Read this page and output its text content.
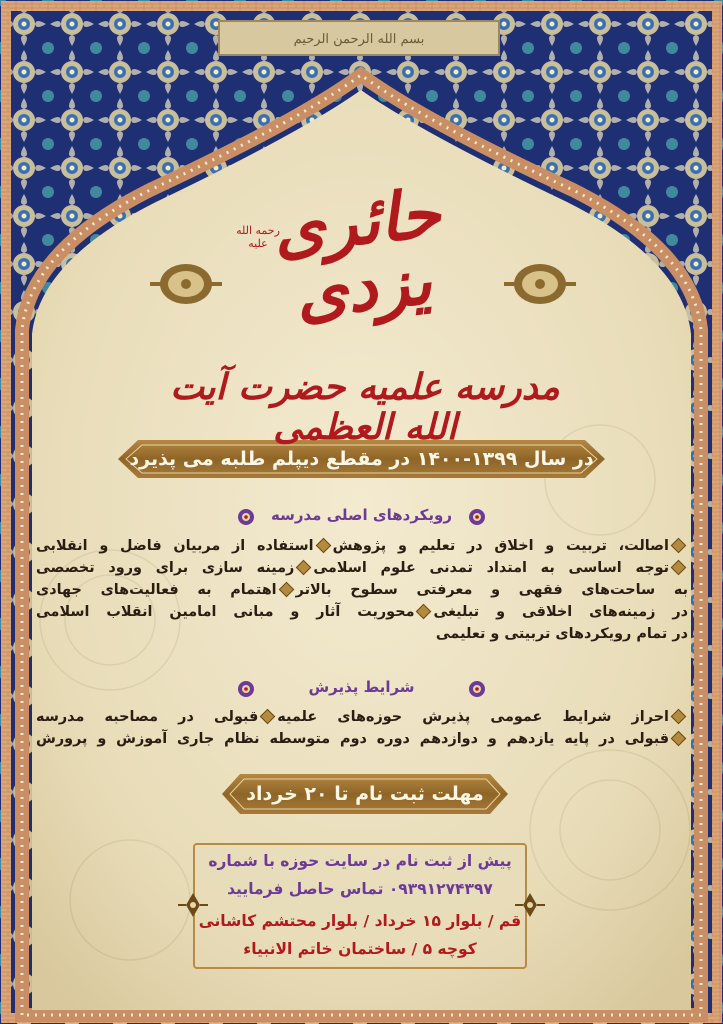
بسم الله الرحمن الرحیم
حائری یزدی
رحمه الله علیه
مدرسه علمیه حضرت آیت الله العظمی
در سال ۱۳۹۹-۱۴۰۰ در مقطع دیپلم طلبه می پذیرد
رویکردهای اصلی مدرسه
اصالت، تربیت و اخلاق در تعلیم و پژوهشاستفاده از مربیان فاضل و انقلابی
توجه اساسی به امتداد تمدنی علوم اسلامیزمینه سازی برای ورود تخصصی
به ساحت‌های فقهی و معرفتی سطوح بالاتراهتمام به فعالیت‌های جهادی
در زمینه‌های اخلاقی و تبلیغیمحوریت آثار و مبانی امامین انقلاب اسلامی
در تمام رویکردهای تربیتی و تعلیمی
شرایط پذیرش
احراز شرایط عمومی پذیرش حوزه‌های علمیهقبولی در مصاحبه مدرسه
قبولی در پایه یازدهم و دوازدهم دوره دوم متوسطه نظام جاری آموزش و پرورش
مهلت ثبت نام تا ۲۰ خرداد
پیش از ثبت نام در سایت حوزه با شماره
۰۹۳۹۱۲۷۴۳۹۷ تماس حاصل فرمایید
قم / بلوار ۱۵ خرداد / بلوار محتشم کاشانی
کوچه ۵ / ساختمان خاتم الانبیاء
